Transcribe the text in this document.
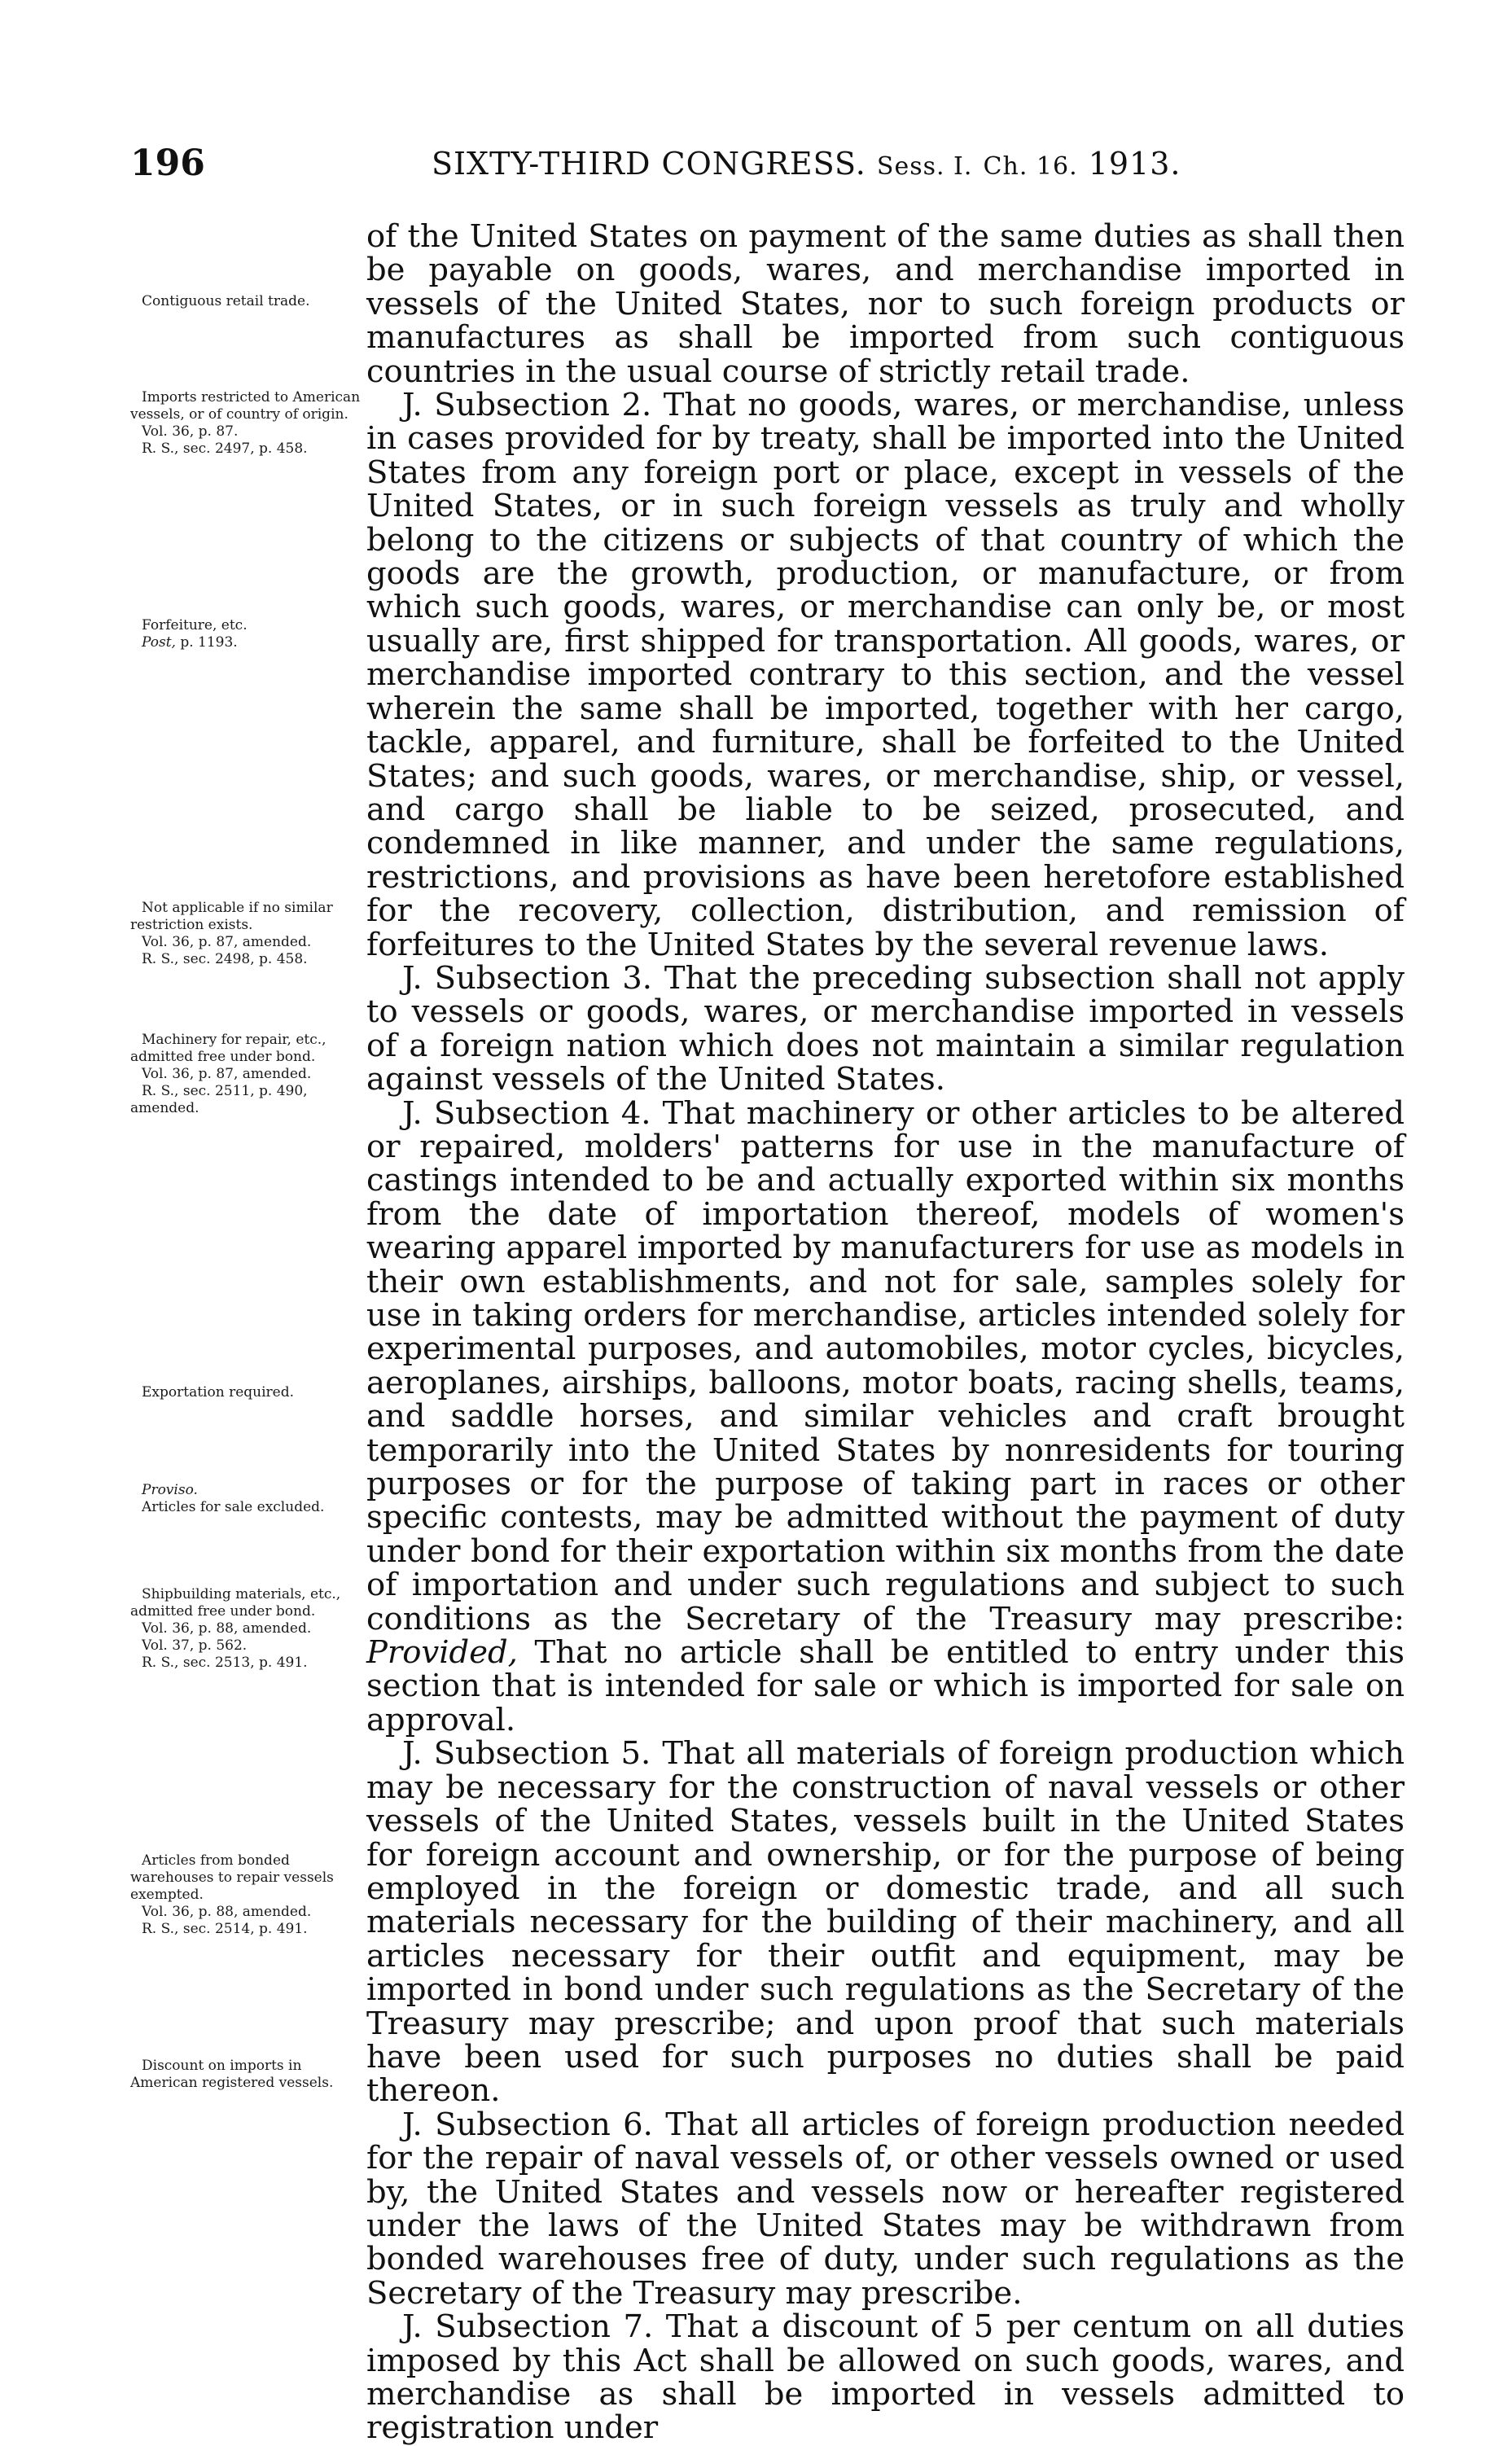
196	SIXTY-THIRD CONGRESS. Sess. I. Ch. 16. 1913.

Contiguous retail trade.

Imports restricted to American vessels, or of country of origin.

Vol. 36, p. 87.

R. S., sec. 2497, p. 458.

Forfeiture, etc.

Post, p. 1193.

Not applicable if no similar restriction exists.

Vol. 36, p. 87, amended.

R. S., sec. 2498, p. 458.

Machinery for repair, etc., admitted free under bond.

Vol. 36, p. 87, amended.

R. S., sec. 2511, p. 490, amended.

Exportation required.

Proviso.

Articles for sale excluded.

Shipbuilding materials, etc., admitted free under bond.

Vol. 36, p. 88, amended.

Vol. 37, p. 562.

R. S., sec. 2513, p. 491.

Articles from bonded warehouses to repair vessels exempted.

Vol. 36, p. 88, amended.

R. S., sec. 2514, p. 491.

Discount on imports in American registered vessels.

of the United States on payment of the same duties as shall then be payable on goods, wares, and merchandise imported in vessels of the United States, nor to such foreign products or manufactures as shall be imported from such contiguous countries in the usual course of strictly retail trade.

J. Subsection 2. That no goods, wares, or merchandise, unless in cases provided for by treaty, shall be imported into the United States from any foreign port or place, except in vessels of the United States, or in such foreign vessels as truly and wholly belong to the citizens or subjects of that country of which the goods are the growth, production, or manufacture, or from which such goods, wares, or merchandise can only be, or most usually are, first shipped for transportation. All goods, wares, or merchandise imported contrary to this section, and the vessel wherein the same shall be imported, together with her cargo, tackle, apparel, and furniture, shall be forfeited to the United States; and such goods, wares, or merchandise, ship, or vessel, and cargo shall be liable to be seized, prosecuted, and condemned in like manner, and under the same regulations, restrictions, and provisions as have been heretofore established for the recovery, collection, distribution, and remission of forfeitures to the United States by the several revenue laws.

J. Subsection 3. That the preceding subsection shall not apply to vessels or goods, wares, or merchandise imported in vessels of a foreign nation which does not maintain a similar regulation against vessels of the United States.

J. Subsection 4. That machinery or other articles to be altered or repaired, molders' patterns for use in the manufacture of castings intended to be and actually exported within six months from the date of importation thereof, models of women's wearing apparel imported by manufacturers for use as models in their own establishments, and not for sale, samples solely for use in taking orders for merchandise, articles intended solely for experimental purposes, and automobiles, motor cycles, bicycles, aeroplanes, airships, balloons, motor boats, racing shells, teams, and saddle horses, and similar vehicles and craft brought temporarily into the United States by nonresidents for touring purposes or for the purpose of taking part in races or other specific contests, may be admitted without the payment of duty under bond for their exportation within six months from the date of importation and under such regulations and subject to such conditions as the Secretary of the Treasury may prescribe: Provided, That no article shall be entitled to entry under this section that is intended for sale or which is imported for sale on approval.

J. Subsection 5. That all materials of foreign production which may be necessary for the construction of naval vessels or other vessels of the United States, vessels built in the United States for foreign account and ownership, or for the purpose of being employed in the foreign or domestic trade, and all such materials necessary for the building of their machinery, and all articles necessary for their outfit and equipment, may be imported in bond under such regulations as the Secretary of the Treasury may prescribe; and upon proof that such materials have been used for such purposes no duties shall be paid thereon.

J. Subsection 6. That all articles of foreign production needed for the repair of naval vessels of, or other vessels owned or used by, the United States and vessels now or hereafter registered under the laws of the United States may be withdrawn from bonded warehouses free of duty, under such regulations as the Secretary of the Treasury may prescribe.

J. Subsection 7. That a discount of 5 per centum on all duties imposed by this Act shall be allowed on such goods, wares, and merchandise as shall be imported in vessels admitted to registration under
